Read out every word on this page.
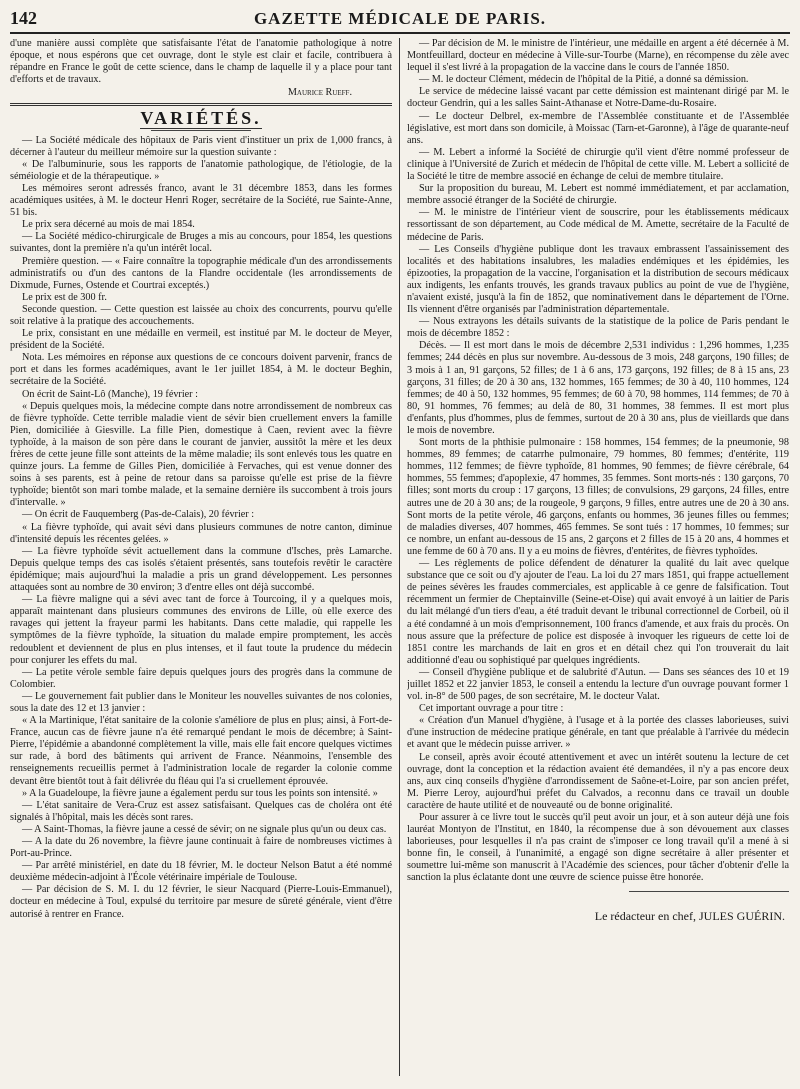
142	GAZETTE MÉDICALE DE PARIS.

d'une manière aussi complète que satisfaisante l'état de l'anatomie pathologique à notre époque, et nous espérons que cet ouvrage, dont le style est clair et facile, contribuera à répandre en France le goût de cette science, dans le champ de laquelle il y a place pour tant d'efforts et de travaux.

Maurice Rueff.
VARIÉTÉS.

— La Société médicale des hôpitaux de Paris vient d'instituer un prix de 1,000 francs, à décerner à l'auteur du meilleur mémoire sur la question suivante :

« De l'albuminurie, sous les rapports de l'anatomie pathologique, de l'étiologie, de la séméiologie et de la thérapeutique. »

Les mémoires seront adressés franco, avant le 31 décembre 1853, dans les formes académiques usitées, à M. le docteur Henri Roger, secrétaire de la Société, rue Sainte-Anne, 51 bis.

Le prix sera décerné au mois de mai 1854.

— La Société médico-chirurgicale de Bruges a mis au concours, pour 1854, les questions suivantes, dont la première n'a qu'un intérêt local.

Première question. — « Faire connaître la topographie médicale d'un des arrondissements administratifs ou d'un des cantons de la Flandre occidentale (les arrondissements de Dixmude, Furnes, Ostende et Courtrai exceptés.)

Le prix est de 300 fr.

Seconde question. — Cette question est laissée au choix des concurrents, pourvu qu'elle soit relative à la pratique des accouchements.

Le prix, consistant en une médaille en vermeil, est institué par M. le docteur de Meyer, président de la Société.

Nota. Les mémoires en réponse aux questions de ce concours doivent parvenir, francs de port et dans les formes académiques, avant le 1er juillet 1854, à M. le docteur Beghin, secrétaire de la Société.

On écrit de Saint-Lô (Manche), 19 février :

« Depuis quelques mois, la médecine compte dans notre arrondissement de nombreux cas de fièvre typhoïde. Cette terrible maladie vient de sévir bien cruellement envers la famille Pien, domiciliée à Giesville. La fille Pien, domestique à Caen, revient avec la fièvre typhoïde, à la maison de son père dans le courant de janvier, aussitôt la mère et les deux frères de cette jeune fille sont atteints de la même maladie; ils sont enlevés tous les quatre en quinze jours. La femme de Gilles Pien, domiciliée à Fervaches, qui est venue donner des soins à ses parents, est à peine de retour dans sa paroisse qu'elle est prise de la fièvre typhoïde; bientôt son mari tombe malade, et la semaine dernière ils succombent à trois jours d'intervalle. »

— On écrit de Fauquemberg (Pas-de-Calais), 20 février :

« La fièvre typhoïde, qui avait sévi dans plusieurs communes de notre canton, diminue d'intensité depuis les récentes gelées. »

— La fièvre typhoïde sévit actuellement dans la commune d'Isches, près Lamarche. Depuis quelque temps des cas isolés s'étaient présentés, sans toutefois revêtir le caractère épidémique; mais aujourd'hui la maladie a pris un grand développement. Les personnes attaquées sont au nombre de 30 environ; 3 d'entre elles ont déjà succombé.

— La fièvre maligne qui a sévi avec tant de force à Tourcoing, il y a quelques mois, apparaît maintenant dans plusieurs communes des environs de Lille, où elle exerce des ravages qui jettent la frayeur parmi les habitants. Dans cette maladie, qui rappelle les symptômes de la fièvre typhoïde, la situation du malade empire promptement, les accès redoublent et deviennent de plus en plus intenses, et il faut toute la prudence du médecin pour conjurer les effets du mal.

— La petite vérole semble faire depuis quelques jours des progrès dans la commune de Colombier.

— Le gouvernement fait publier dans le Moniteur les nouvelles suivantes de nos colonies, sous la date des 12 et 13 janvier :

« A la Martinique, l'état sanitaire de la colonie s'améliore de plus en plus; ainsi, à Fort-de-France, aucun cas de fièvre jaune n'a été remarqué pendant le mois de décembre; à Saint-Pierre, l'épidémie a abandonné complètement la ville, mais elle fait encore quelques victimes sur rade, à bord des bâtiments qui arrivent de France. Néanmoins, l'ensemble des renseignements recueillis permet à l'administration locale de regarder la colonie comme devant être bientôt tout à fait délivrée du fléau qui l'a si cruellement éprouvée.

» A la Guadeloupe, la fièvre jaune a également perdu sur tous les points son intensité. »

— L'état sanitaire de Vera-Cruz est assez satisfaisant. Quelques cas de choléra ont été signalés à l'hôpital, mais les décès sont rares.

— A Saint-Thomas, la fièvre jaune a cessé de sévir; on ne signale plus qu'un ou deux cas.

— A la date du 26 novembre, la fièvre jaune continuait à faire de nombreuses victimes à Port-au-Prince.

— Par arrêté ministériel, en date du 18 février, M. le docteur Nelson Batut a été nommé deuxième médecin-adjoint à l'École vétérinaire impériale de Toulouse.

— Par décision de S. M. I. du 12 février, le sieur Nacquard (Pierre-Louis-Emmanuel), docteur en médecine à Toul, expulsé du territoire par mesure de sûreté générale, vient d'être autorisé à rentrer en France.

— Par décision de M. le ministre de l'intérieur, une médaille en argent a été décernée à M. Montfeuillard, docteur en médecine à Ville-sur-Tourbe (Marne), en récompense du zèle avec lequel il s'est livré à la propagation de la vaccine dans le cours de l'année 1850.

— M. le docteur Clément, médecin de l'hôpital de la Pitié, a donné sa démission.

Le service de médecine laissé vacant par cette démission est maintenant dirigé par M. le docteur Gendrin, qui a les salles Saint-Athanase et Notre-Dame-du-Rosaire.

— Le docteur Delbrel, ex-membre de l'Assemblée constituante et de l'Assemblée législative, est mort dans son domicile, à Moissac (Tarn-et-Garonne), à l'âge de quarante-neuf ans.

— M. Lebert a informé la Société de chirurgie qu'il vient d'être nommé professeur de clinique à l'Université de Zurich et médecin de l'hôpital de cette ville. M. Lebert a sollicité de la Société le titre de membre associé en échange de celui de membre titulaire.

Sur la proposition du bureau, M. Lebert est nommé immédiatement, et par acclamation, membre associé étranger de la Société de chirurgie.

— M. le ministre de l'intérieur vient de souscrire, pour les établissements médicaux ressortissant de son département, au Code médical de M. Amette, secrétaire de la Faculté de médecine de Paris.

— Les Conseils d'hygiène publique dont les travaux embrassent l'assainissement des localités et des habitations insalubres, les maladies endémiques et les épidémies, les épizooties, la propagation de la vaccine, l'organisation et la distribution de secours médicaux aux indigents, les enfants trouvés, les grands travaux publics au point de vue de l'hygiène, n'avaient existé, jusqu'à la fin de 1852, que nominativement dans le département de l'Orne. Ils viennent d'être organisés par l'administration départementale.

— Nous extrayons les détails suivants de la statistique de la police de Paris pendant le mois de décembre 1852 :

Décès. — Il est mort dans le mois de décembre 2,531 individus : 1,296 hommes, 1,235 femmes; 244 décès en plus sur novembre. Au-dessous de 3 mois, 248 garçons, 190 filles; de 3 mois à 1 an, 91 garçons, 52 filles; de 1 à 6 ans, 173 garçons, 192 filles; de 8 à 15 ans, 23 garçons, 31 filles; de 20 à 30 ans, 132 hommes, 165 femmes; de 30 à 40, 110 hommes, 124 femmes; de 40 à 50, 132 hommes, 95 femmes; de 60 à 70, 98 hommes, 114 femmes; de 70 à 80, 91 hommes, 76 femmes; au delà de 80, 31 hommes, 38 femmes. Il est mort plus d'enfants, plus d'hommes, plus de femmes, surtout de 20 à 30 ans, plus de vieillards que dans le mois de novembre.

Sont morts de la phthisie pulmonaire : 158 hommes, 154 femmes; de la pneumonie, 98 hommes, 89 femmes; de catarrhe pulmonaire, 79 hommes, 80 femmes; d'entérite, 119 hommes, 112 femmes; de fièvre typhoïde, 81 hommes, 90 femmes; de fièvre cérébrale, 64 hommes, 55 femmes; d'apoplexie, 47 hommes, 35 femmes. Sont morts-nés : 130 garçons, 70 filles; sont morts du croup : 17 garçons, 13 filles; de convulsions, 29 garçons, 24 filles, entre autres une de 20 à 30 ans; de la rougeole, 9 garçons, 9 filles, entre autres une de 20 à 30 ans. Sont morts de la petite vérole, 46 garçons, enfants ou hommes, 36 jeunes filles ou femmes; de maladies diverses, 407 hommes, 465 femmes. Se sont tués : 17 hommes, 10 femmes; sur ce nombre, un enfant au-dessous de 15 ans, 2 garçons et 2 filles de 15 à 20 ans, 4 hommes et une femme de 60 à 70 ans. Il y a eu moins de fièvres, d'entérites, de fièvres typhoïdes.

— Les règlements de police défendent de dénaturer la qualité du lait avec quelque substance que ce soit ou d'y ajouter de l'eau. La loi du 27 mars 1851, qui frappe actuellement de peines sévères les fraudes commerciales, est applicable à ce genre de falsification. Tout récemment un fermier de Cheptainville (Seine-et-Oise) qui avait envoyé à un laitier de Paris du lait mélangé d'un tiers d'eau, a été traduit devant le tribunal correctionnel de Corbeil, où il a été condamné à un mois d'emprisonnement, 100 francs d'amende, et aux frais du procès. On nous assure que la préfecture de police est disposée à invoquer les rigueurs de cette loi de 1851 contre les marchands de lait en gros et en détail chez qui l'on trouverait du lait additionné d'eau ou sophistiqué par quelques ingrédients.

— Conseil d'hygiène publique et de salubrité d'Autun. — Dans ses séances des 10 et 19 juillet 1852 et 22 janvier 1853, le conseil a entendu la lecture d'un ouvrage pouvant former 1 vol. in-8° de 500 pages, de son secrétaire, M. le docteur Valat.

Cet important ouvrage a pour titre :

« Création d'un Manuel d'hygiène, à l'usage et à la portée des classes laborieuses, suivi d'une instruction de médecine pratique générale, en tant que préalable à l'arrivée du médecin et avant que le médecin puisse arriver. »

Le conseil, après avoir écouté attentivement et avec un intérêt soutenu la lecture de cet ouvrage, dont la conception et la rédaction avaient été demandées, il n'y a pas encore deux ans, aux cinq conseils d'hygiène d'arrondissement de Saône-et-Loire, par son ancien préfet, M. Pierre Leroy, aujourd'hui préfet du Calvados, a reconnu dans ce travail un double caractère de haute utilité et de nouveauté ou de bonne originalité.

Pour assurer à ce livre tout le succès qu'il peut avoir un jour, et à son auteur déjà une fois lauréat Montyon de l'Institut, en 1840, la récompense due à son dévouement aux classes laborieuses, pour lesquelles il n'a pas craint de s'imposer ce long travail qu'il a mené à si bonne fin, le conseil, à l'unanimité, a engagé son digne secrétaire à aller présenter et soumettre lui-même son manuscrit à l'Académie des sciences, pour tâcher d'obtenir d'elle la sanction la plus éclatante dont une œuvre de science puisse être honorée.

Le rédacteur en chef, JULES GUÉRIN.
